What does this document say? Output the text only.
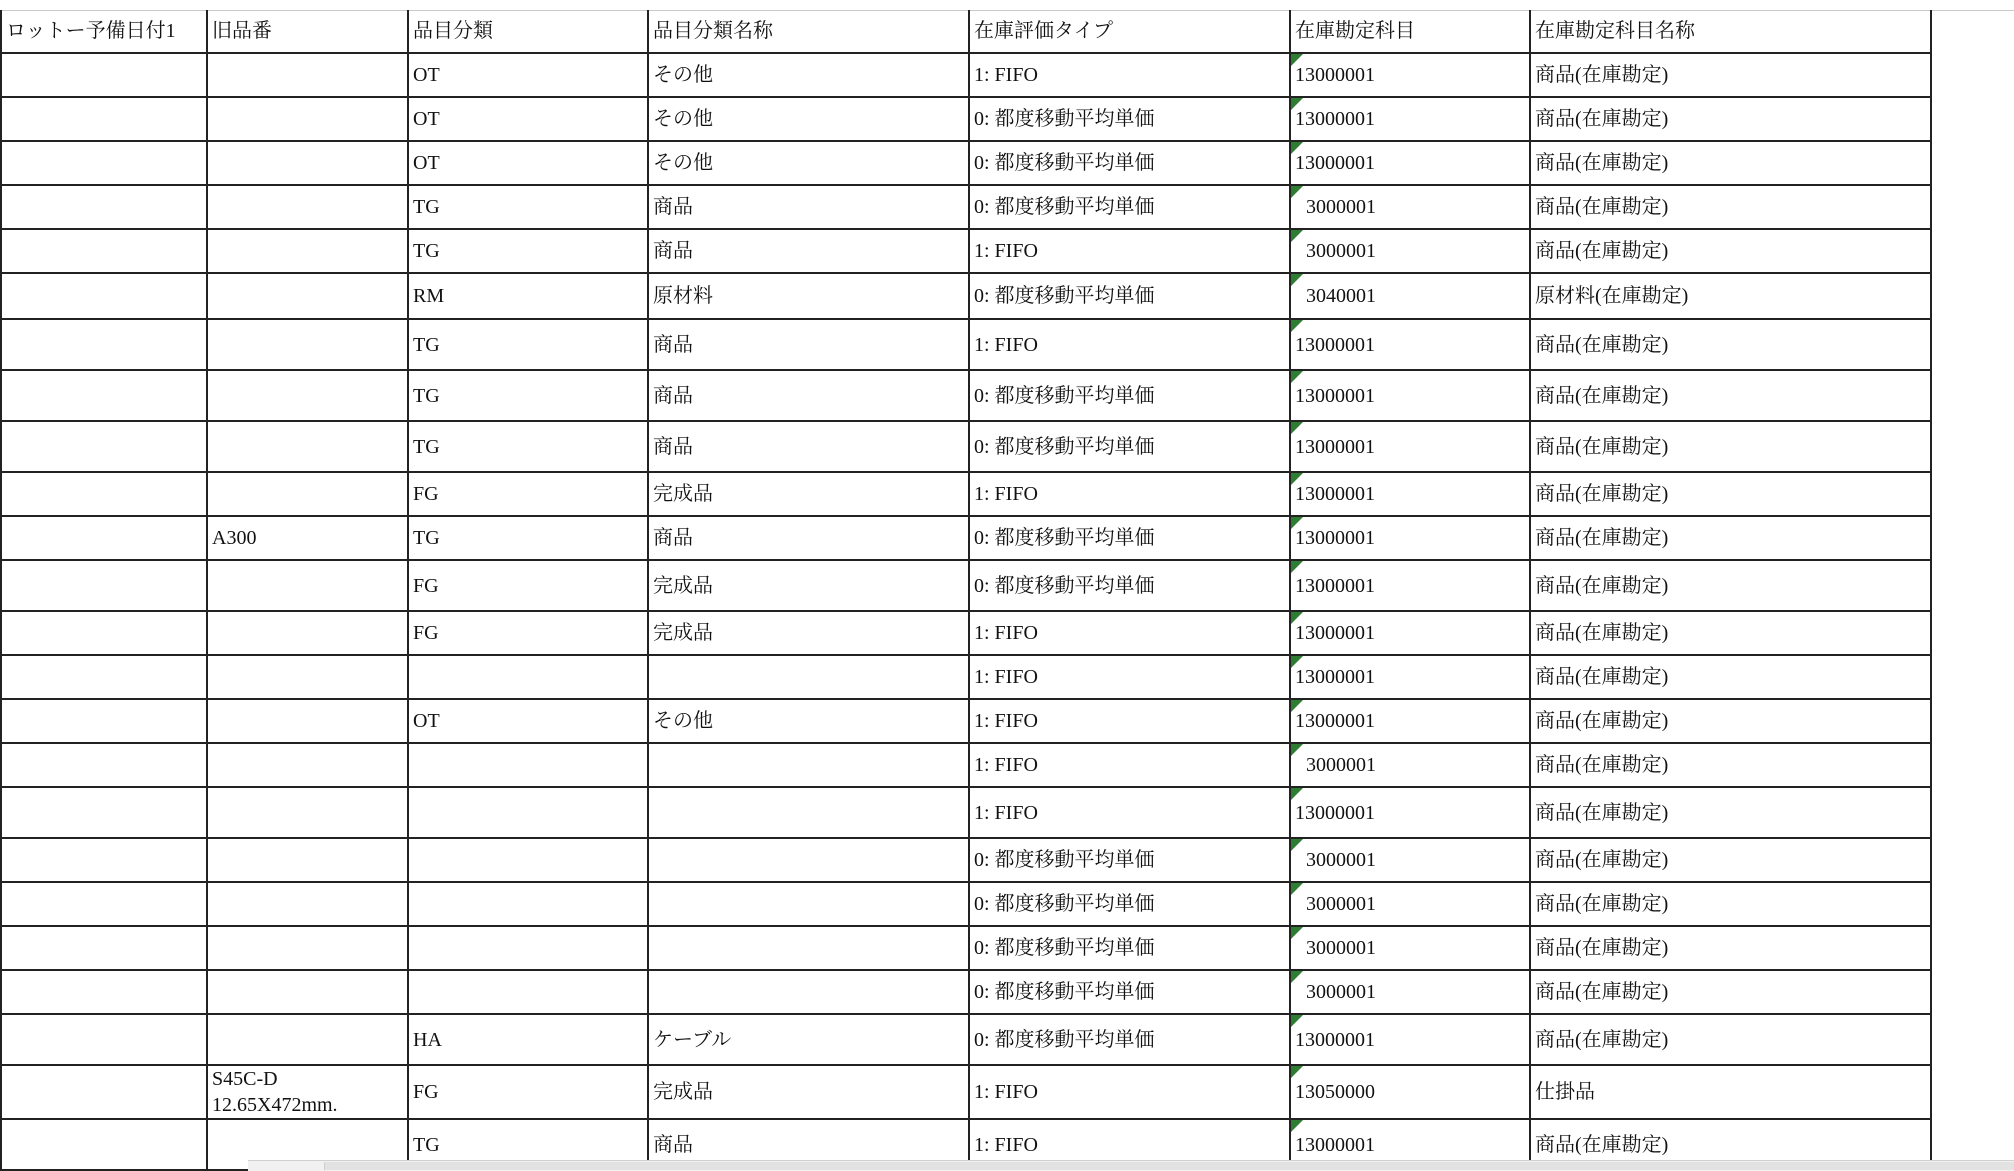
ロットー予備日付1	旧品番	品目分類	品目分類名称	在庫評価タイプ	在庫勘定科目	在庫勘定科目名称	
		OT	その他	1: FIFO	13000001	商品(在庫勘定)	
		OT	その他	0: 都度移動平均単価	13000001	商品(在庫勘定)	
		OT	その他	0: 都度移動平均単価	13000001	商品(在庫勘定)	
		TG	商品	0: 都度移動平均単価	3000001	商品(在庫勘定)	
		TG	商品	1: FIFO	3000001	商品(在庫勘定)	
		RM	原材料	0: 都度移動平均単価	3040001	原材料(在庫勘定)	
		TG	商品	1: FIFO	13000001	商品(在庫勘定)	
		TG	商品	0: 都度移動平均単価	13000001	商品(在庫勘定)	
		TG	商品	0: 都度移動平均単価	13000001	商品(在庫勘定)	
		FG	完成品	1: FIFO	13000001	商品(在庫勘定)	
	A300	TG	商品	0: 都度移動平均単価	13000001	商品(在庫勘定)	
		FG	完成品	0: 都度移動平均単価	13000001	商品(在庫勘定)	
		FG	完成品	1: FIFO	13000001	商品(在庫勘定)	
				1: FIFO	13000001	商品(在庫勘定)	
		OT	その他	1: FIFO	13000001	商品(在庫勘定)	
				1: FIFO	3000001	商品(在庫勘定)	
				1: FIFO	13000001	商品(在庫勘定)	
				0: 都度移動平均単価	3000001	商品(在庫勘定)	
				0: 都度移動平均単価	3000001	商品(在庫勘定)	
				0: 都度移動平均単価	3000001	商品(在庫勘定)	
				0: 都度移動平均単価	3000001	商品(在庫勘定)	
		HA	ケーブル	0: 都度移動平均単価	13000001	商品(在庫勘定)	

	S45C-D 12.65X472mm.	FG	完成品	1: FIFO	13050000	仕掛品	
		TG	商品	1: FIFO	13000001	商品(在庫勘定)	
